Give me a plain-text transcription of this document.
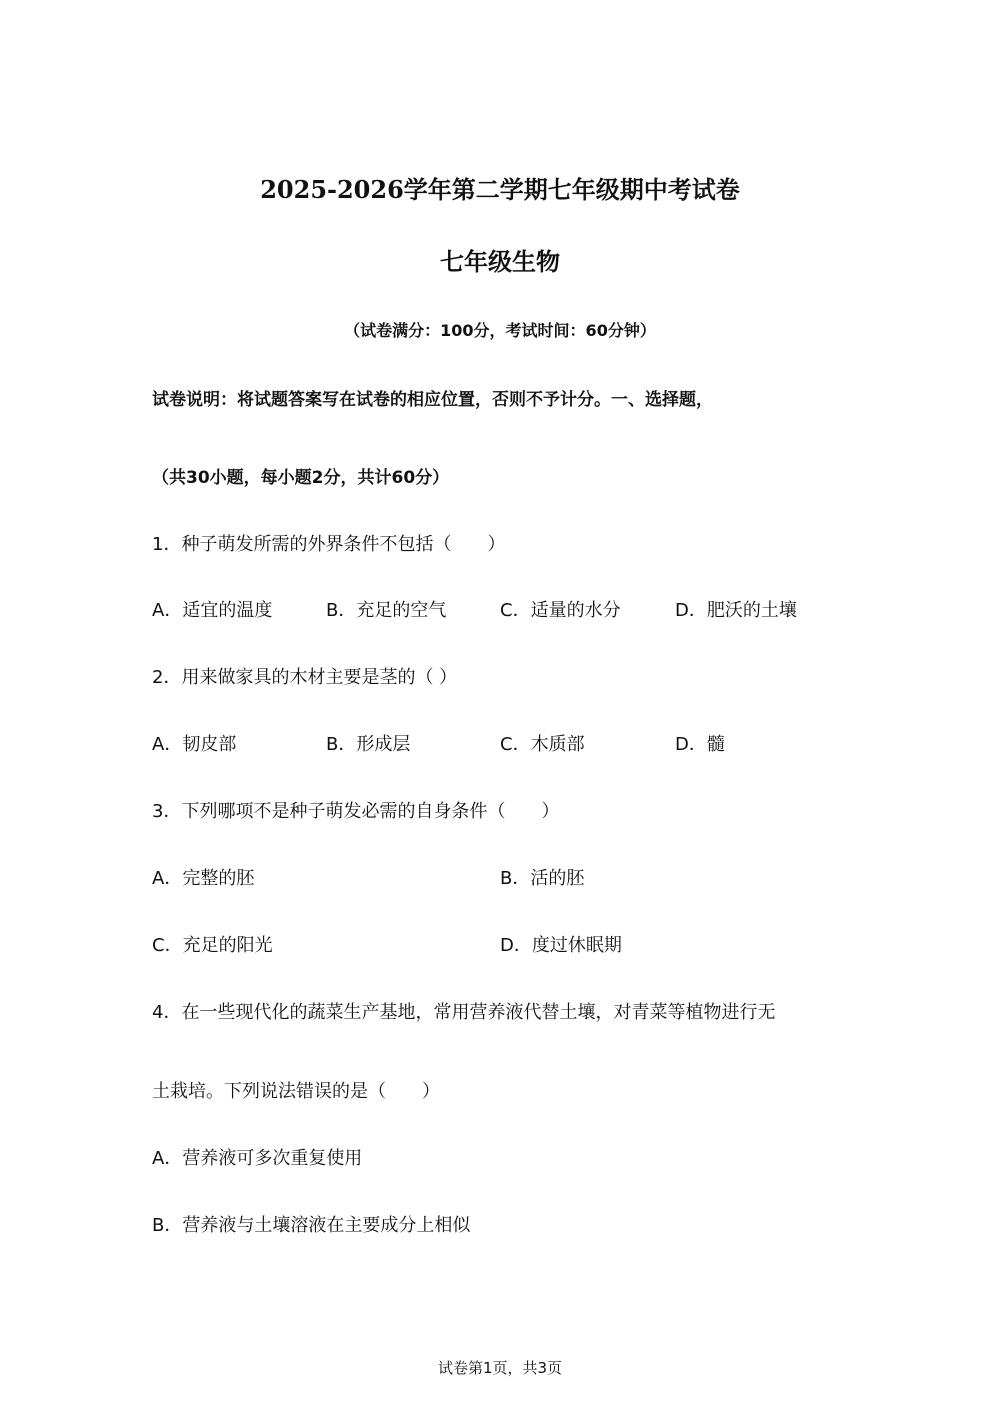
2025-2026学年第二学期七年级期中考试卷
七年级生物
（试卷满分：100分，考试时间：60分钟）
试卷说明：将试题答案写在试卷的相应位置，否则不予计分。一、选择题，
（共30小题，每小题2分，共计60分）
1．种子萌发所需的外界条件不包括（　　）
A．适宜的温度	B．充足的空气	C．适量的水分	D．肥沃的土壤
2．用来做家具的木材主要是茎的（ ）
A．韧皮部	B．形成层	C．木质部	D．髓
3．下列哪项不是种子萌发必需的自身条件（　　）
A．完整的胚	B．活的胚
C．充足的阳光	D．度过休眠期
4．在一些现代化的蔬菜生产基地，常用营养液代替土壤，对青菜等植物进行无
土栽培。下列说法错误的是（　　）
A．营养液可多次重复使用
B．营养液与土壤溶液在主要成分上相似
试卷第1页，共3页
